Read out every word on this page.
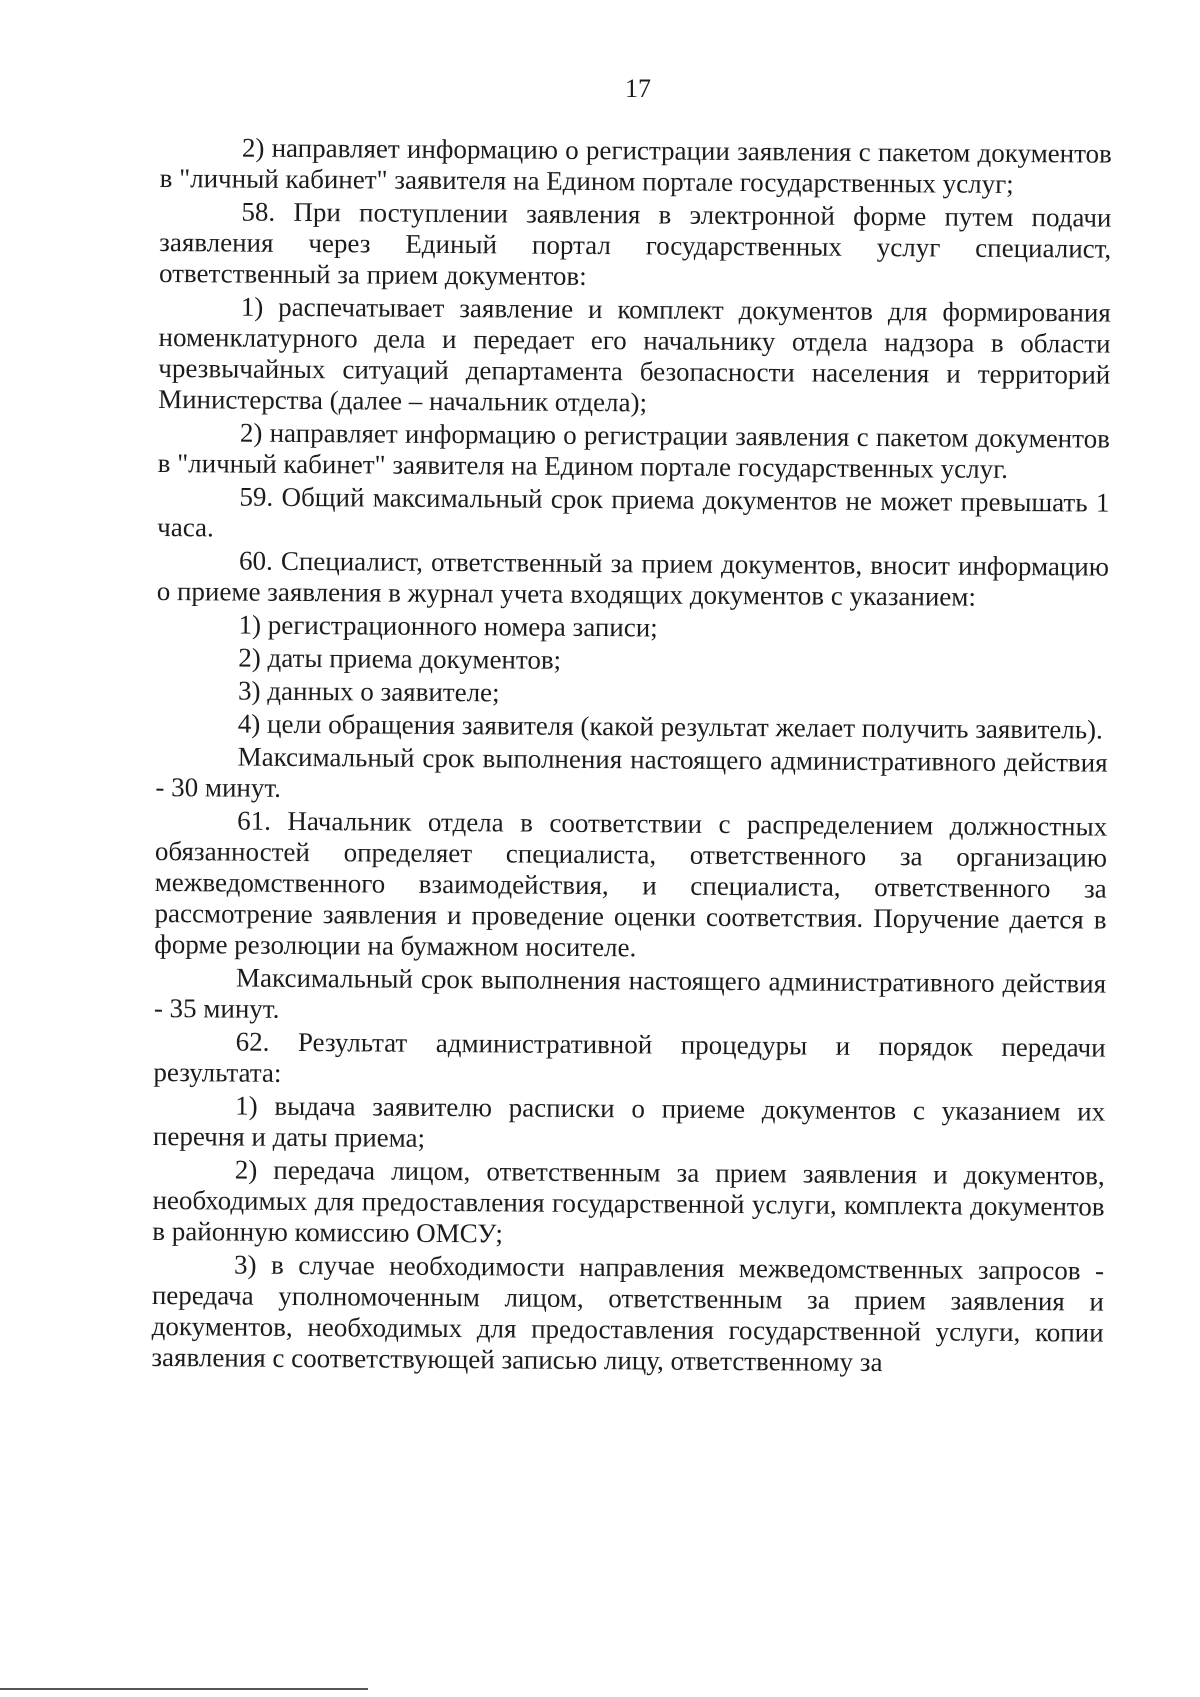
17

2) направляет информацию о регистрации заявления с пакетом документов в "личный кабинет" заявителя на Едином портале государственных услуг;

58. При поступлении заявления в электронной форме путем подачи заявления через Единый портал государственных услуг специалист, ответственный за прием документов:

1) распечатывает заявление и комплект документов для формирования номенклатурного дела и передает его начальнику отдела надзора в области чрезвычайных ситуаций департамента безопасности населения и территорий Министерства (далее – начальник отдела);

2) направляет информацию о регистрации заявления с пакетом документов в "личный кабинет" заявителя на Едином портале государственных услуг.

59. Общий максимальный срок приема документов не может превышать 1 часа.

60. Специалист, ответственный за прием документов, вносит информацию о приеме заявления в журнал учета входящих документов с указанием:

1) регистрационного номера записи;

2) даты приема документов;

3) данных о заявителе;

4) цели обращения заявителя (какой результат желает получить заявитель).

Максимальный срок выполнения настоящего административного действия - 30 минут.

61. Начальник отдела в соответствии с распределением должностных обязанностей определяет специалиста, ответственного за организацию межведомственного взаимодействия, и специалиста, ответственного за рассмотрение заявления и проведение оценки соответствия. Поручение дается в форме резолюции на бумажном носителе.

Максимальный срок выполнения настоящего административного действия - 35 минут.

62. Результат административной процедуры и порядок передачи результата:

1) выдача заявителю расписки о приеме документов с указанием их перечня и даты приема;

2) передача лицом, ответственным за прием заявления и документов, необходимых для предоставления государственной услуги, комплекта документов в районную комиссию ОМСУ;

3) в случае необходимости направления межведомственных запросов - передача уполномоченным лицом, ответственным за прием заявления и документов, необходимых для предоставления государственной услуги, копии заявления с соответствующей записью лицу, ответственному за
